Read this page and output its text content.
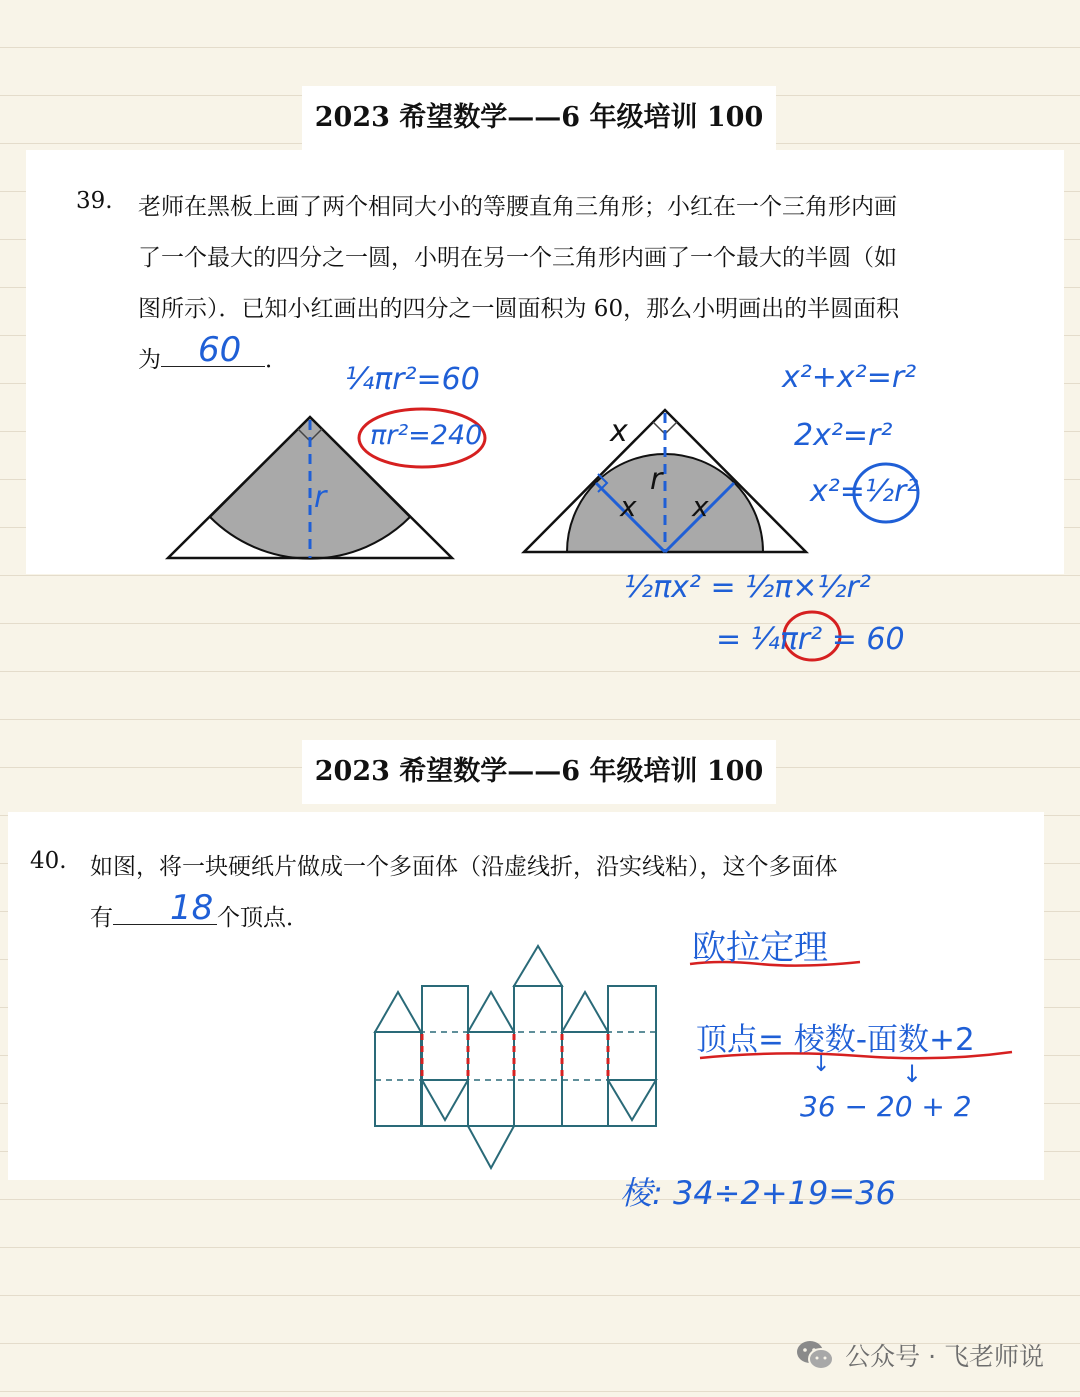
2023 希望数学——6 年级培训 100
39. 老师在黑板上画了两个相同大小的等腰直角三角形；小红在一个三角形内画
了一个最大的四分之一圆，小明在另一个三角形内画了一个最大的半圆（如
图所示）．已知小红画出的四分之一圆面积为 60，那么小明画出的半圆面积
为	．
60
¼πr²=60
πr²=240
r
x
r
x x
x²+x²=r²
2x²=r²
x²=½r²
½πx² = ½π×½r²
= ¼πr² = 60
2023 希望数学——6 年级培训 100
40. 如图，将一块硬纸片做成一个多面体（沿虚线折，沿实线粘），这个多面体
有	个顶点．
18
欧拉定理
顶点= 棱数-面数+2
↓	↓
36 − 20 + 2
棱: 34÷2+19=36
公众号 · 飞老师说
